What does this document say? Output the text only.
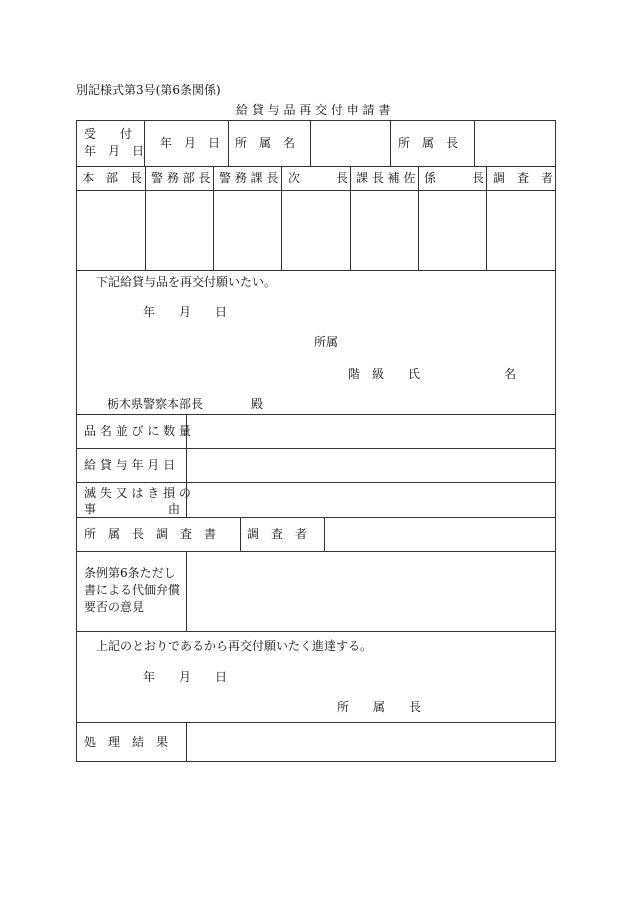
別記様式第3号(第6条関係)
給 貸 与 品 再 交 付 申 請 書
受　　付
年　月　日
年　月　日 所　属　名	所　属　長
本　部　長 警 務 部 長 警 務 課 長 次　　　長 課 長 補 佐 係　　　長 調　査　者
下記給貸与品を再交付願いたい。
年　　月　　日
所属
階　級　　氏　　　　　　　名
栃木県警察本部長　　　　殿
品 名 並 び に 数 量
給 貸 与 年 月 日
滅 失 又 は き 損 の
事　　　　　　由
所　属　長　調　査　書	調　査　者
条例第6条ただし
書による代価弁償
要否の意見
上記のとおりであるから再交付願いたく進達する。
年　　月　　日
所　　属　　長
処　理　結　果
